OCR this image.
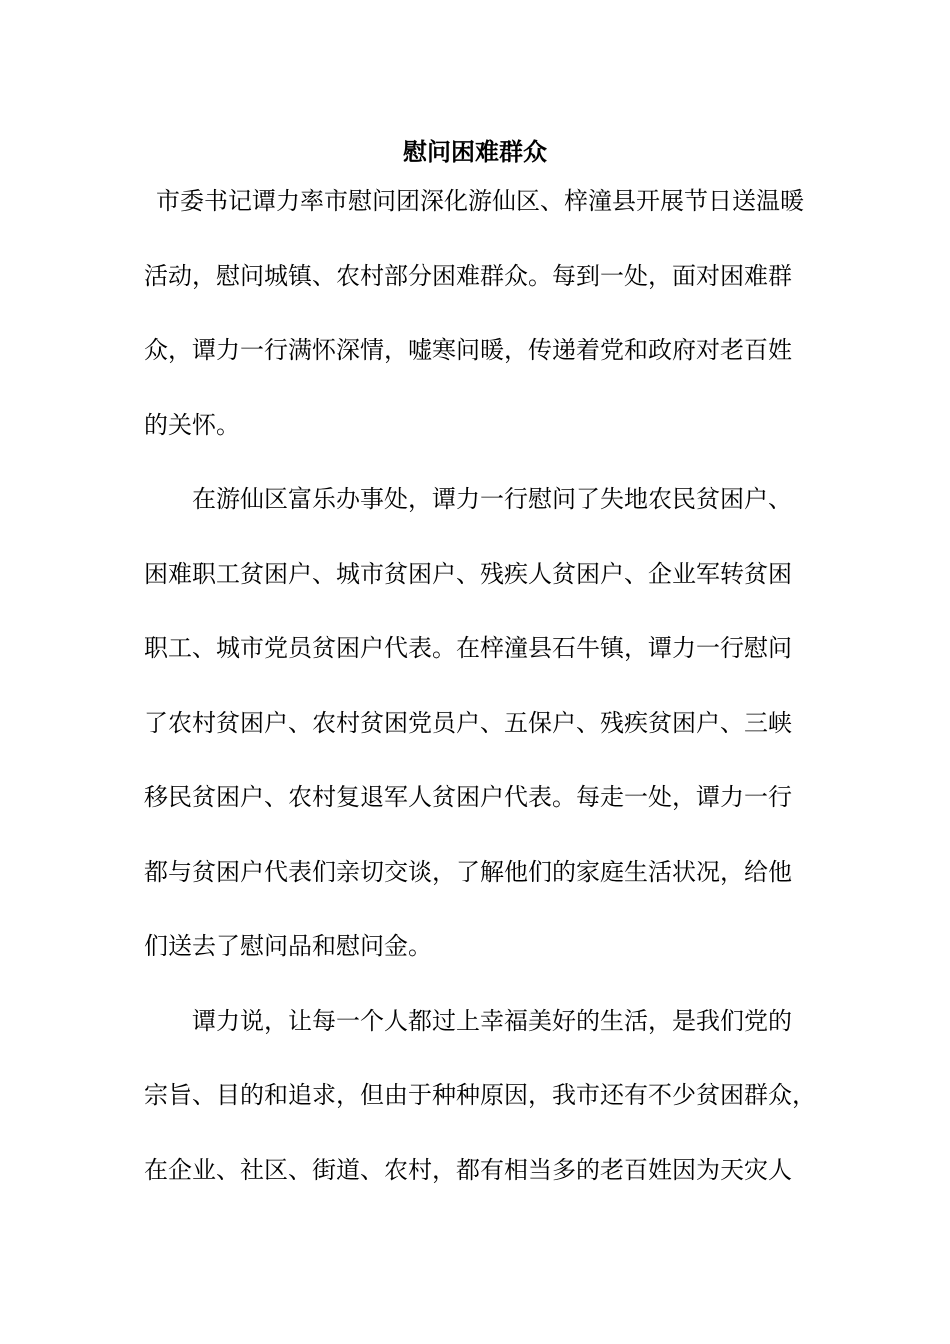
慰问困难群众
市委书记谭力率市慰问团深化游仙区、梓潼县开展节日送温暖
活动，慰问城镇、农村部分困难群众。每到一处，面对困难群
众，谭力一行满怀深情，嘘寒问暖，传递着党和政府对老百姓
的关怀。
在游仙区富乐办事处，谭力一行慰问了失地农民贫困户、
困难职工贫困户、城市贫困户、残疾人贫困户、企业军转贫困
职工、城市党员贫困户代表。在梓潼县石牛镇，谭力一行慰问
了农村贫困户、农村贫困党员户、五保户、残疾贫困户、三峡
移民贫困户、农村复退军人贫困户代表。每走一处，谭力一行
都与贫困户代表们亲切交谈，了解他们的家庭生活状况，给他
们送去了慰问品和慰问金。
谭力说，让每一个人都过上幸福美好的生活，是我们党的
宗旨、目的和追求，但由于种种原因，我市还有不少贫困群众，
在企业、社区、街道、农村，都有相当多的老百姓因为天灾人
